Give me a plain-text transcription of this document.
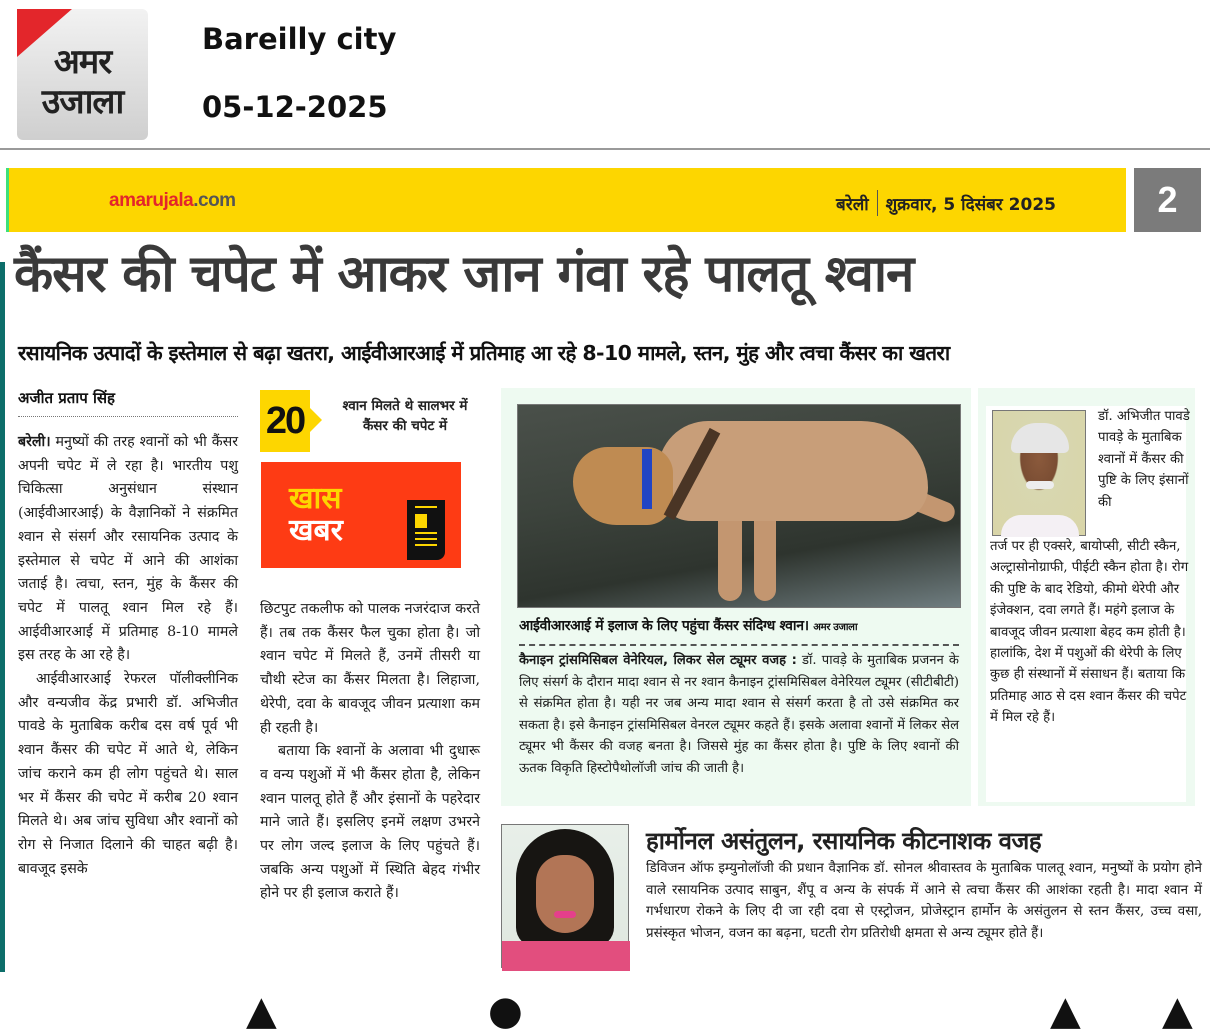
अमर
उजाला
Bareilly city
05-12-2025
amarujala.com	बरेली शुक्रवार, 5 दिसंबर 2025	2
कैंसर की चपेट में आकर जान गंवा रहे पालतू श्वान
रसायनिक उत्पादों के इस्तेमाल से बढ़ा खतरा, आईवीआरआई में प्रतिमाह आ रहे 8-10 मामले, स्तन, मुंह और त्वचा कैंसर का खतरा
अजीत प्रताप सिंह

बरेली। मनुष्यों की तरह श्वानों को भी कैंसर अपनी चपेट में ले रहा है। भारतीय पशु चिकित्सा अनुसंधान संस्थान (आईवीआरआई) के वैज्ञानिकों ने संक्रमित श्वान से संसर्ग और रसायनिक उत्पाद के इस्तेमाल से चपेट में आने की आशंका जताई है। त्वचा, स्तन, मुंह के कैंसर की चपेट में पालतू श्वान मिल रहे हैं। आईवीआरआई में प्रतिमाह 8-10 मामले इस तरह के आ रहे है।

आईवीआरआई रेफरल पॉलीक्लीनिक और वन्यजीव केंद्र प्रभारी डॉ. अभिजीत पावडे के मुताबिक करीब दस वर्ष पूर्व भी श्वान कैंसर की चपेट में आते थे, लेकिन जांच कराने कम ही लोग पहुंचते थे। साल भर में कैंसर की चपेट में करीब 20 श्वान मिलते थे। अब जांच सुविधा और श्वानों को रोग से निजात दिलाने की चाहत बढ़ी है। बावजूद इसके

20	श्वान मिलते थे सालभर में कैंसर की चपेट में
खास
खबर

छिटपुट तकलीफ को पालक नजरंदाज करते हैं। तब तक कैंसर फैल चुका होता है। जो श्वान चपेट में मिलते हैं, उनमें तीसरी या चौथी स्टेज का कैंसर मिलता है। लिहाजा, थेरेपी, दवा के बावजूद जीवन प्रत्याशा कम ही रहती है।

बताया कि श्वानों के अलावा भी दुधारू व वन्य पशुओं में भी कैंसर होता है, लेकिन श्वान पालतू होते हैं और इंसानों के पहरेदार माने जाते हैं। इसलिए इनमें लक्षण उभरने पर लोग जल्द इलाज के लिए पहुंचते हैं। जबकि अन्य पशुओं में स्थिति बेहद गंभीर होने पर ही इलाज कराते हैं।

आईवीआरआई में इलाज के लिए पहुंचा कैंसर संदिग्ध श्वान। अमर उजाला
कैनाइन ट्रांसमिसिबल वेनेरियल, लिकर सेल ट्यूमर वजह : डॉ. पावड़े के मुताबिक प्रजनन के लिए संसर्ग के दौरान मादा श्वान से नर श्वान कैनाइन ट्रांसमिसिबल वेनेरियल ट्यूमर (सीटीबीटी) से संक्रमित होता है। यही नर जब अन्य मादा श्वान से संसर्ग करता है तो उसे संक्रमित कर सकता है। इसे कैनाइन ट्रांसमिसिबल वेनरल ट्यूमर कहते हैं। इसके अलावा श्वानों में लिकर सेल ट्यूमर भी कैंसर की वजह बनता है। जिससे मुंह का कैंसर होता है। पुष्टि के लिए श्वानों की ऊतक विकृति हिस्टोपैथोलॉजी जांच की जाती है।
डॉ. अभिजीत पावडे पावड़े के मुताबिक श्वानों में कैंसर की पुष्टि के लिए इंसानों की
तर्ज पर ही एक्सरे, बायोप्सी, सीटी स्कैन, अल्ट्रासोनोग्राफी, पीईटी स्कैन होता है। रोग की पुष्टि के बाद रेडियो, कीमो थेरेपी और इंजेक्शन, दवा लगते हैं। महंगे इलाज के बावजूद जीवन प्रत्याशा बेहद कम होती है। हालांकि, देश में पशुओं की थेरेपी के लिए कुछ ही संस्थानों में संसाधन हैं। बताया कि प्रतिमाह आठ से दस श्वान कैंसर की चपेट में मिल रहे हैं।
हार्मोनल असंतुलन, रसायनिक कीटनाशक वजह
डिविजन ऑफ इम्युनोलॉजी की प्रधान वैज्ञानिक डॉ. सोनल श्रीवास्तव के मुताबिक पालतू श्वान, मनुष्यों के प्रयोग होने वाले रसायनिक उत्पाद साबुन, शैंपू व अन्य के संपर्क में आने से त्वचा कैंसर की आशंका रहती है। मादा श्वान में गर्भधारण रोकने के लिए दी जा रही दवा से एस्ट्रोजन, प्रोजेस्ट्रान हार्मोन के असंतुलन से स्तन कैंसर, उच्च वसा, प्रसंस्कृत भोजन, वजन का बढ़ना, घटती रोग प्रतिरोधी क्षमता से अन्य ट्यूमर होते हैं।
▲	●	▲ ▲
